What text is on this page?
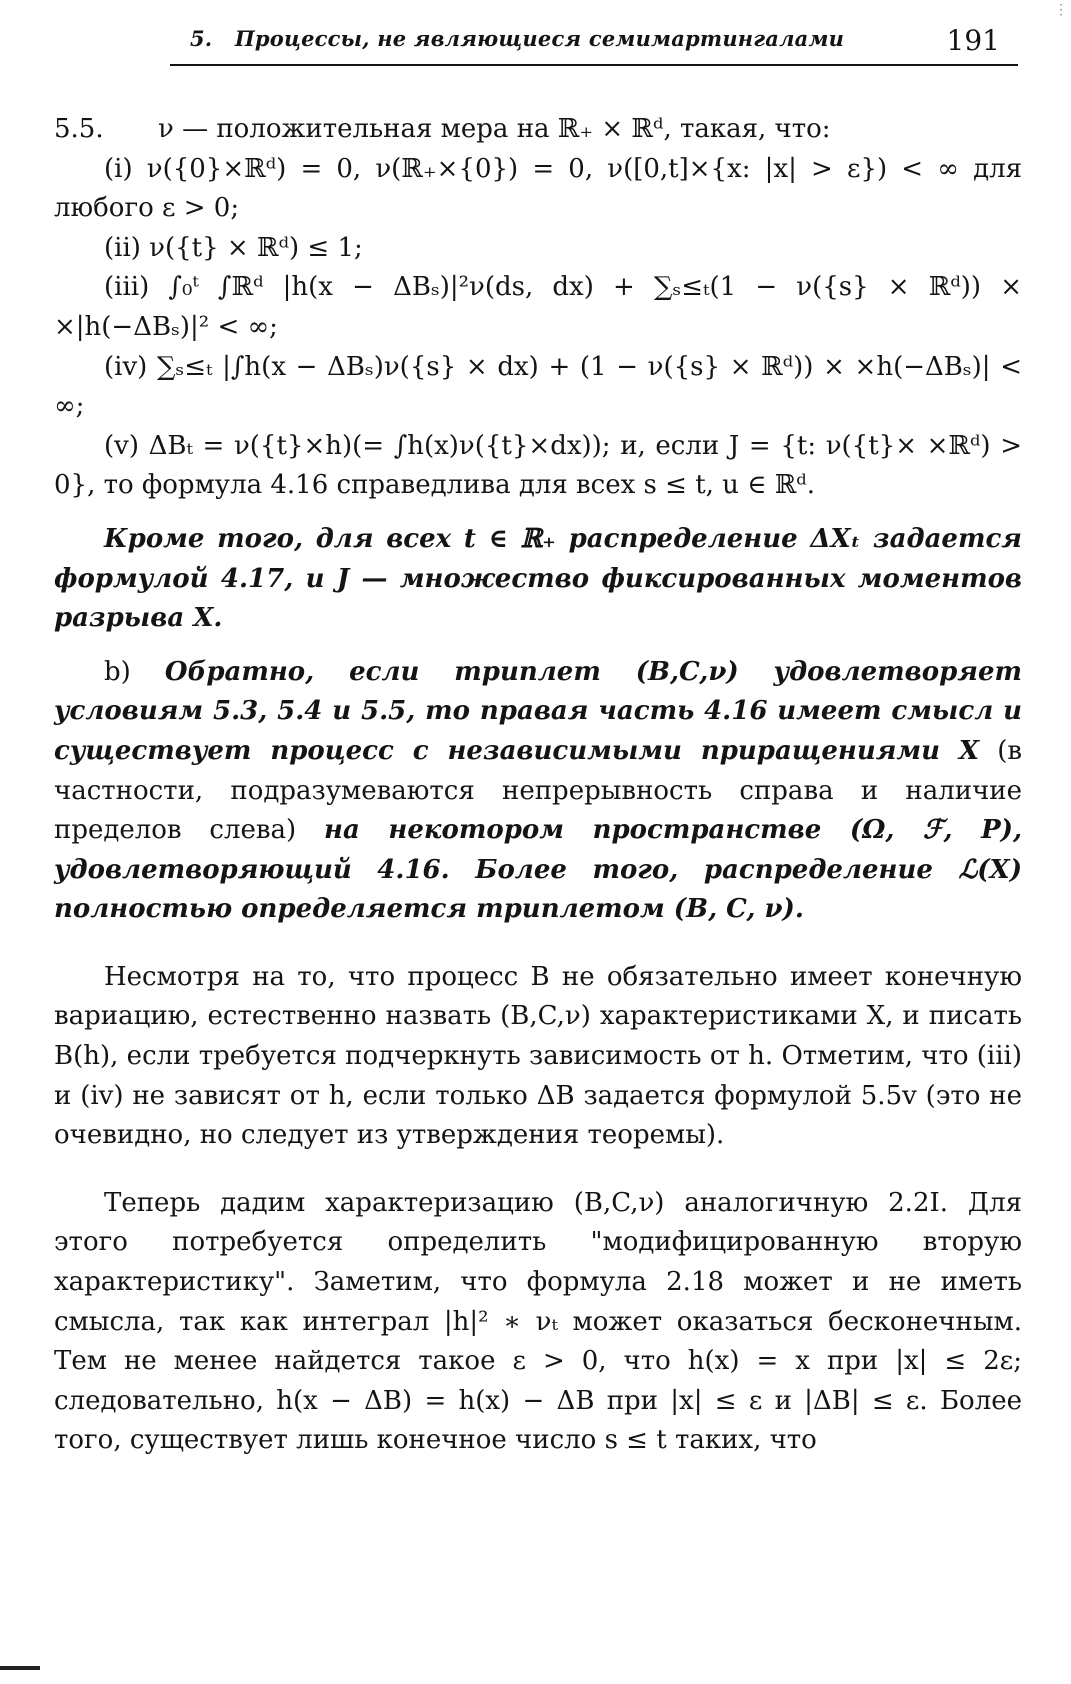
5. Процессы, не являющиеся семимартингалами	191
⋮

5.5. ν — положительная мера на ℝ₊ × ℝᵈ, такая, что:

(i) ν({0}×ℝᵈ) = 0, ν(ℝ₊×{0}) = 0, ν([0,t]×{x: |x| > ε}) < ∞ для любого ε > 0;

(ii) ν({t} × ℝᵈ) ≤ 1;

(iii) ∫₀ᵗ ∫ℝᵈ |h(x − ΔBₛ)|²ν(ds, dx) + ∑ₛ≤ₜ(1 − ν({s} × ℝᵈ)) × ×|h(−ΔBₛ)|² < ∞;

(iv) ∑ₛ≤ₜ |∫h(x − ΔBₛ)ν({s} × dx) + (1 − ν({s} × ℝᵈ)) × ×h(−ΔBₛ)| < ∞;

(v) ΔBₜ = ν({t}×h)(= ∫h(x)ν({t}×dx)); и, если J = {t: ν({t}× ×ℝᵈ) > 0}, то формула 4.16 справедлива для всех s ≤ t, u ∈ ℝᵈ.

Кроме того, для всех t ∈ ℝ₊ распределение ΔXₜ задается формулой 4.17, и J — множество фиксированных моментов разрыва X.

b) Обратно, если триплет (B,C,ν) удовлетворяет условиям 5.3, 5.4 и 5.5, то правая часть 4.16 имеет смысл и существует процесс с независимыми приращениями X (в частности, подразумеваются непрерывность справа и наличие пределов слева) на некотором пространстве (Ω, ℱ, P), удовлетворяющий 4.16. Более того, распределение ℒ(X) полностью определяется триплетом (B, C, ν).

Несмотря на то, что процесс B не обязательно имеет конечную вариацию, естественно назвать (B,C,ν) характеристиками X, и писать B(h), если требуется подчеркнуть зависимость от h. Отметим, что (iii) и (iv) не зависят от h, если только ΔB задается формулой 5.5v (это не очевидно, но следует из утверждения теоремы).

Теперь дадим характеризацию (B,C,ν) аналогичную 2.2I. Для этого потребуется определить "модифицированную вторую характеристику". Заметим, что формула 2.18 может и не иметь смысла, так как интеграл |h|² ∗ νₜ может оказаться бесконечным. Тем не менее найдется такое ε > 0, что h(x) = x при |x| ≤ 2ε; следовательно, h(x − ΔB) = h(x) − ΔB при |x| ≤ ε и |ΔB| ≤ ε. Более того, существует лишь конечное число s ≤ t таких, что
